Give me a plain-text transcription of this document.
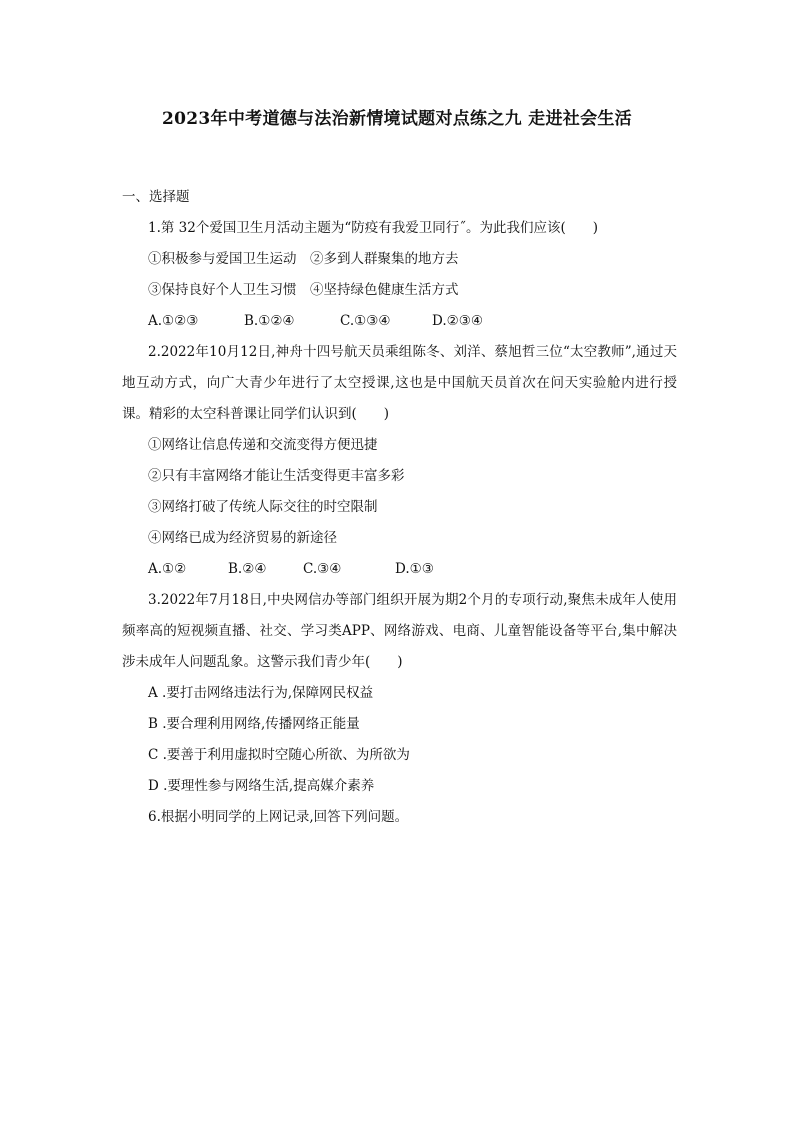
2023年中考道德与法治新情境试题对点练之九 走进社会生活

一、选择题

1.第 32个爱国卫生月活动主题为“防疫有我爱卫同行˝。为此我们应该(　　)

①积极参与爱国卫生运动　②多到人群聚集的地方去

③保持良好个人卫生习惯　④坚持绿色健康生活方式

A.①②③	B.①②④	C.①③④	D.②③④

2.2022年10月12日,神舟十四号航天员乘组陈冬、刘洋、蔡旭哲三位“太空教师”,通过天地互动方式，向广大青少年进行了太空授课,这也是中国航天员首次在问天实验舱内进行授课。精彩的太空科普课让同学们认识到(　　)

①网络让信息传递和交流变得方便迅捷

②只有丰富网络才能让生活变得更丰富多彩

③网络打破了传统人际交往的时空限制

④网络已成为经济贸易的新途径

A.①②	B.②④	C.③④	D.①③

3.2022年7月18日,中央网信办等部门组织开展为期2个月的专项行动,聚焦未成年人使用频率高的短视频直播、社交、学习类APP、网络游戏、电商、儿童智能设备等平台,集中解决涉未成年人问题乱象。这警示我们青少年(　　)

A .要打击网络违法行为,保障网民权益

B .要合理利用网络,传播网络正能量

C .要善于利用虚拟时空随心所欲、为所欲为

D .要理性参与网络生活,提高媒介素养

6.根据小明同学的上网记录,回答下列问题。
